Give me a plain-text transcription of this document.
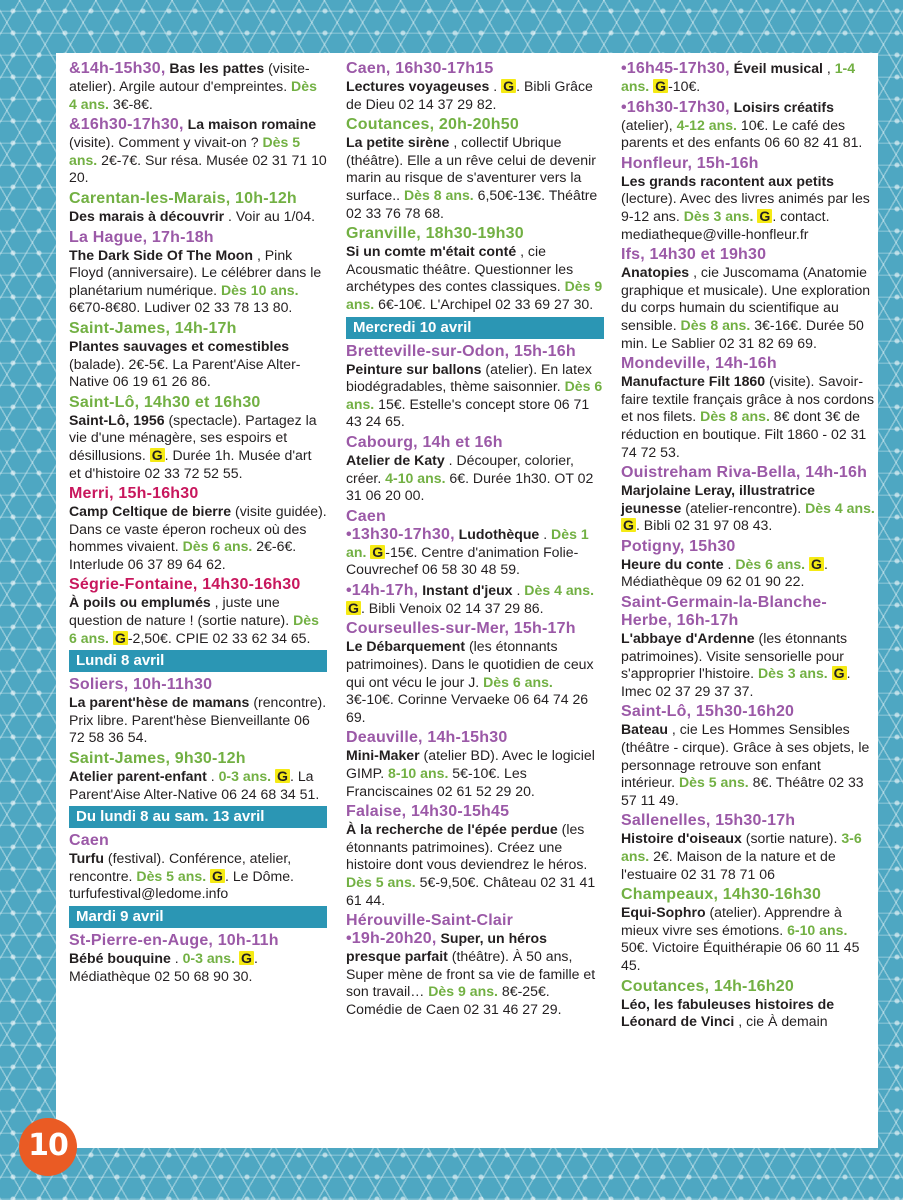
&14h-15h30, Bas les pattes (visite-atelier). Argile autour d'empreintes. Dès 4 ans. 3€-8€.
&16h30-17h30, La maison romaine (visite). Comment y vivait-on ? Dès 5 ans. 2€-7€. Sur résa. Musée 02 31 71 10 20.
Carentan-les-Marais, 10h-12h
Des marais à découvrir . Voir au 1/04.
La Hague, 17h-18h
The Dark Side Of The Moon , Pink Floyd (anniversaire). Le célébrer dans le planétarium numérique. Dès 10 ans. 6€70-8€80. Ludiver 02 33 78 13 80.
Saint-James, 14h-17h
Plantes sauvages et comestibles (balade). 2€-5€. La Parent'Aise Alter-Native 06 19 61 26 86.
Saint-Lô, 14h30 et 16h30
Saint-Lô, 1956 (spectacle). Partagez la vie d'une ménagère, ses espoirs et désillusions. G . Durée 1h. Musée d'art et d'histoire 02 33 72 52 55.
Merri, 15h-16h30
Camp Celtique de bierre (visite guidée). Dans ce vaste éperon rocheux où des hommes vivaient. Dès 6 ans. 2€-6€. Interlude 06 37 89 64 62.
Ségrie-Fontaine, 14h30-16h30
À poils ou emplumés , juste une question de nature ! (sortie nature). Dès 6 ans. G -2,50€. CPIE 02 33 62 34 65.
Lundi 8 avril
Soliers, 10h-11h30
La parent'hèse de mamans (rencontre). Prix libre. Parent'hèse Bienveillante 06 72 58 36 54.
Saint-James, 9h30-12h
Atelier parent-enfant . 0-3 ans. G . La Parent'Aise Alter-Native 06 24 68 34 51.
Du lundi 8 au sam. 13 avril
Caen
Turfu (festival). Conférence, atelier, rencontre. Dès 5 ans. G . Le Dôme. turfufestival@ledome.info
Mardi 9 avril
St-Pierre-en-Auge, 10h-11h
Bébé bouquine . 0-3 ans. G . Médiathèque 02 50 68 90 30.
Caen, 16h30-17h15
Lectures voyageuses . G . Bibli Grâce de Dieu 02 14 37 29 82.
Coutances, 20h-20h50
La petite sirène , collectif Ubrique (théâtre). Elle a un rêve celui de devenir marin au risque de s'aventurer vers la surface.. Dès 8 ans. 6,50€-13€. Théâtre 02 33 76 78 68.
Granville, 18h30-19h30
Si un comte m'était conté , cie Acousmatic théâtre. Questionner les archétypes des contes classiques. Dès 9 ans. 6€-10€. L'Archipel 02 33 69 27 30.
Mercredi 10 avril
Bretteville-sur-Odon, 15h-16h
Peinture sur ballons (atelier). En latex biodégradables, thème saisonnier. Dès 6 ans. 15€. Estelle's concept store 06 71 43 24 65.
Cabourg, 14h et 16h
Atelier de Katy . Découper, colorier, créer. 4-10 ans. 6€. Durée 1h30. OT 02 31 06 20 00.
Caen
•13h30-17h30, Ludothèque . Dès 1 an. G -15€. Centre d'animation Folie-Couvrechef 06 58 30 48 59.
•14h-17h, Instant d'jeux . Dès 4 ans. G . Bibli Venoix 02 14 37 29 86.
Courseulles-sur-Mer, 15h-17h
Le Débarquement (les étonnants patrimoines). Dans le quotidien de ceux qui ont vécu le jour J. Dès 6 ans. 3€-10€. Corinne Vervaeke 06 64 74 26 69.
Deauville, 14h-15h30
Mini-Maker (atelier BD). Avec le logiciel GIMP. 8-10 ans. 5€-10€. Les Franciscaines 02 61 52 29 20.
Falaise, 14h30-15h45
À la recherche de l'épée perdue (les étonnants patrimoines). Créez une histoire dont vous deviendrez le héros. Dès 5 ans. 5€-9,50€. Château 02 31 41 61 44.
Hérouville-Saint-Clair
•19h-20h20, Super, un héros presque parfait (théâtre). À 50 ans, Super mène de front sa vie de famille et son travail… Dès 9 ans. 8€-25€. Comédie de Caen 02 31 46 27 29.
•16h45-17h30, Éveil musical , 1-4 ans. G -10€.
•16h30-17h30, Loisirs créatifs (atelier), 4-12 ans. 10€. Le café des parents et des enfants 06 60 82 41 81.
Honfleur, 15h-16h
Les grands racontent aux petits (lecture). Avec des livres animés par les 9-12 ans. Dès 3 ans. G . contact. mediatheque@ville-honfleur.fr
Ifs, 14h30 et 19h30
Anatopies , cie Juscomama (Anatomie graphique et musicale). Une exploration du corps humain du scientifique au sensible. Dès 8 ans. 3€-16€. Durée 50 min. Le Sablier 02 31 82 69 69.
Mondeville, 14h-16h
Manufacture Filt 1860 (visite). Savoir-faire textile français grâce à nos cordons et nos filets. Dès 8 ans. 8€ dont 3€ de réduction en boutique. Filt 1860 - 02 31 74 72 53.
Ouistreham Riva-Bella, 14h-16h
Marjolaine Leray, illustratrice jeunesse (atelier-rencontre). Dès 4 ans. G . Bibli 02 31 97 08 43.
Potigny, 15h30
Heure du conte . Dès 6 ans. G . Médiathèque 09 62 01 90 22.
Saint-Germain-la-Blanche-Herbe, 16h-17h
L'abbaye d'Ardenne (les étonnants patrimoines). Visite sensorielle pour s'approprier l'histoire. Dès 3 ans. G . Imec 02 37 29 37 37.
Saint-Lô, 15h30-16h20
Bateau , cie Les Hommes Sensibles (théâtre - cirque). Grâce à ses objets, le personnage retrouve son enfant intérieur. Dès 5 ans. 8€. Théâtre 02 33 57 11 49.
Sallenelles, 15h30-17h
Histoire d'oiseaux (sortie nature). 3-6 ans. 2€. Maison de la nature et de l'estuaire 02 31 78 71 06
Champeaux, 14h30-16h30
Equi-Sophro (atelier). Apprendre à mieux vivre ses émotions. 6-10 ans. 50€. Victoire Équithérapie 06 60 11 45 45.
Coutances, 14h-16h20
Léo, les fabuleuses histoires de Léonard de Vinci , cie À demain
10
